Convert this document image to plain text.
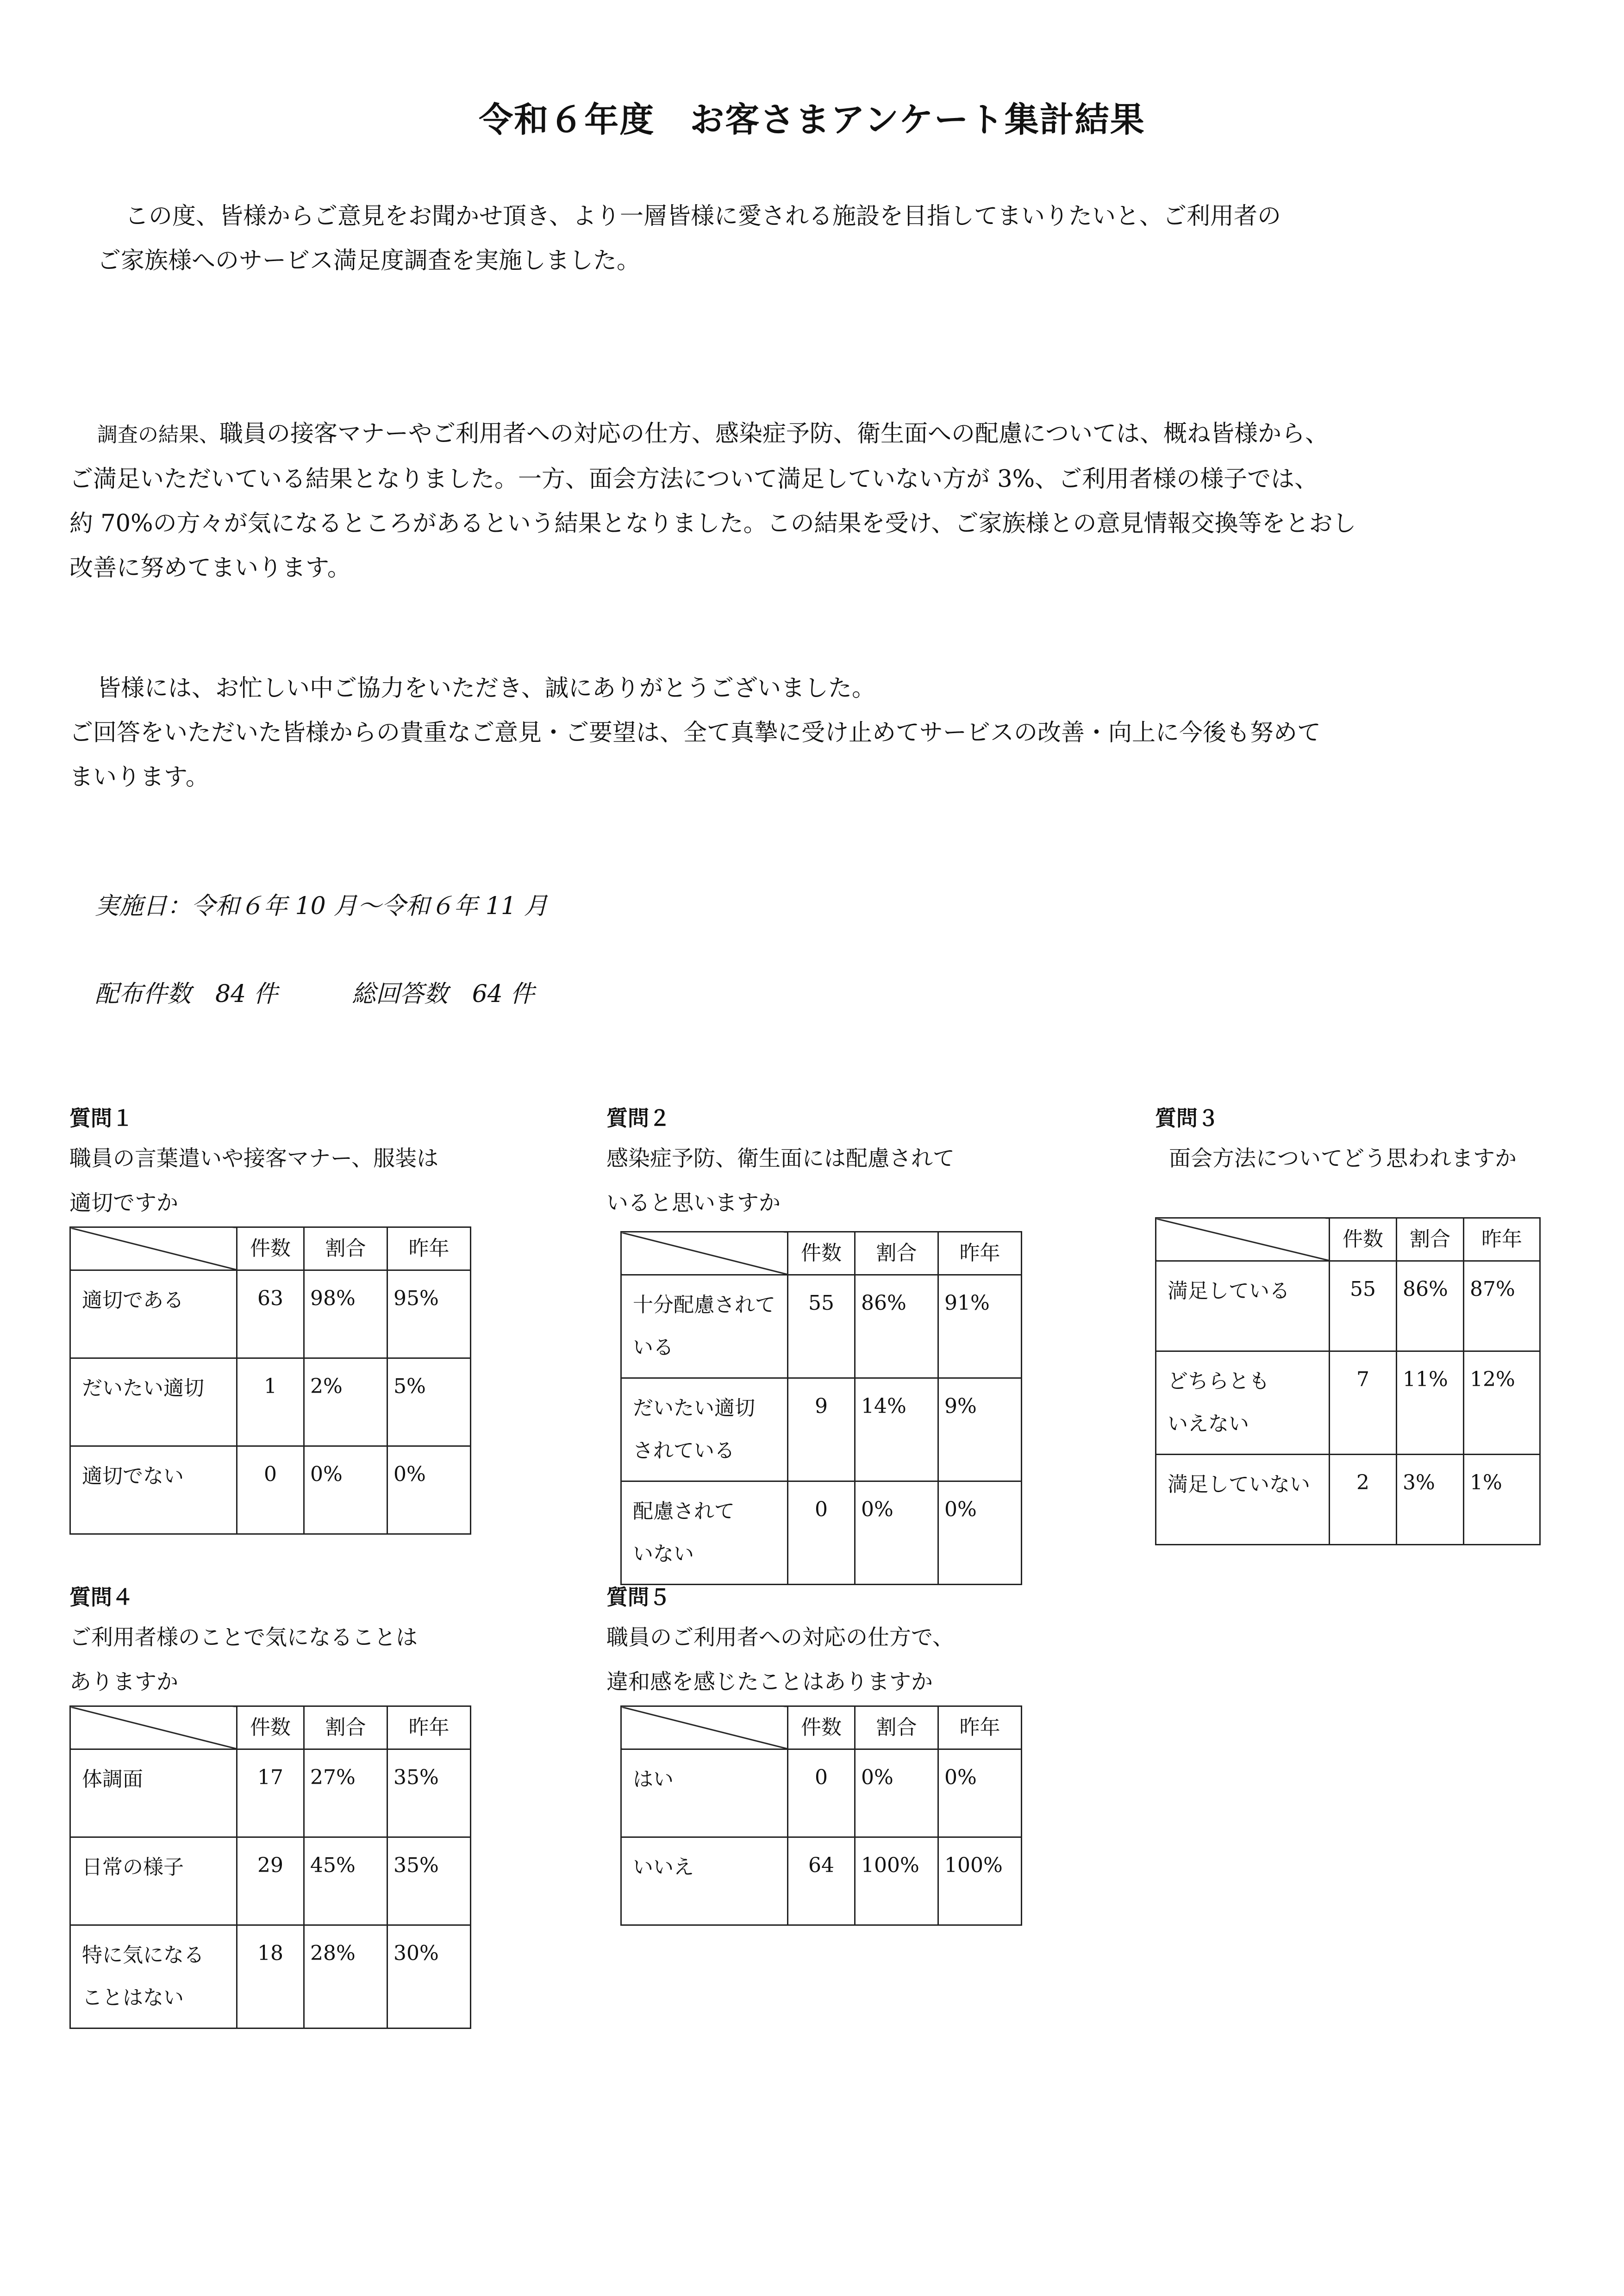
令和６年度　お客さまアンケート集計結果

この度、皆様からご意見をお聞かせ頂き、より一層皆様に愛される施設を目指してまいりたいと、ご利用者の

ご家族様へのサービス満足度調査を実施しました。

調査の結果、職員の接客マナーやご利用者への対応の仕方、感染症予防、衛生面への配慮については、概ね皆様から、

ご満足いただいている結果となりました。一方、面会方法について満足していない方が 3%、ご利用者様の様子では、

約 70%の方々が気になるところがあるという結果となりました。この結果を受け、ご家族様との意見情報交換等をとおし

改善に努めてまいります。

皆様には、お忙しい中ご協力をいただき、誠にありがとうございました。

ご回答をいただいた皆様からの貴重なご意見・ご要望は、全て真摯に受け止めてサービスの改善・向上に今後も努めて

まいります。

実施日：令和６年 10 月～令和６年 11 月
配布件数　84 件	総回答数　64 件
質問１
職員の言葉遣いや接客マナー、服装は
適切ですか
	件数	割合	昨年

適切である	63	98%	95%

だいたい適切	1	2%	5%

適切でない	0	0%	0%
質問２
感染症予防、衛生面には配慮されて
いると思いますか
	件数	割合	昨年

十分配慮されて
いる	55	86%	91%

だいたい適切
されている	9	14%	9%

配慮されて
いない	0	0%	0%
質問３
面会方法についてどう思われますか
	件数	割合	昨年

満足している	55	86%	87%

どちらとも
いえない	7	11%	12%

満足していない	2	3%	1%
質問４
ご利用者様のことで気になることは
ありますか
	件数	割合	昨年

体調面	17	27%	35%

日常の様子	29	45%	35%

特に気になる
ことはない	18	28%	30%
質問５
職員のご利用者への対応の仕方で、
違和感を感じたことはありますか
	件数	割合	昨年

はい	0	0%	0%

いいえ	64	100%	100%
